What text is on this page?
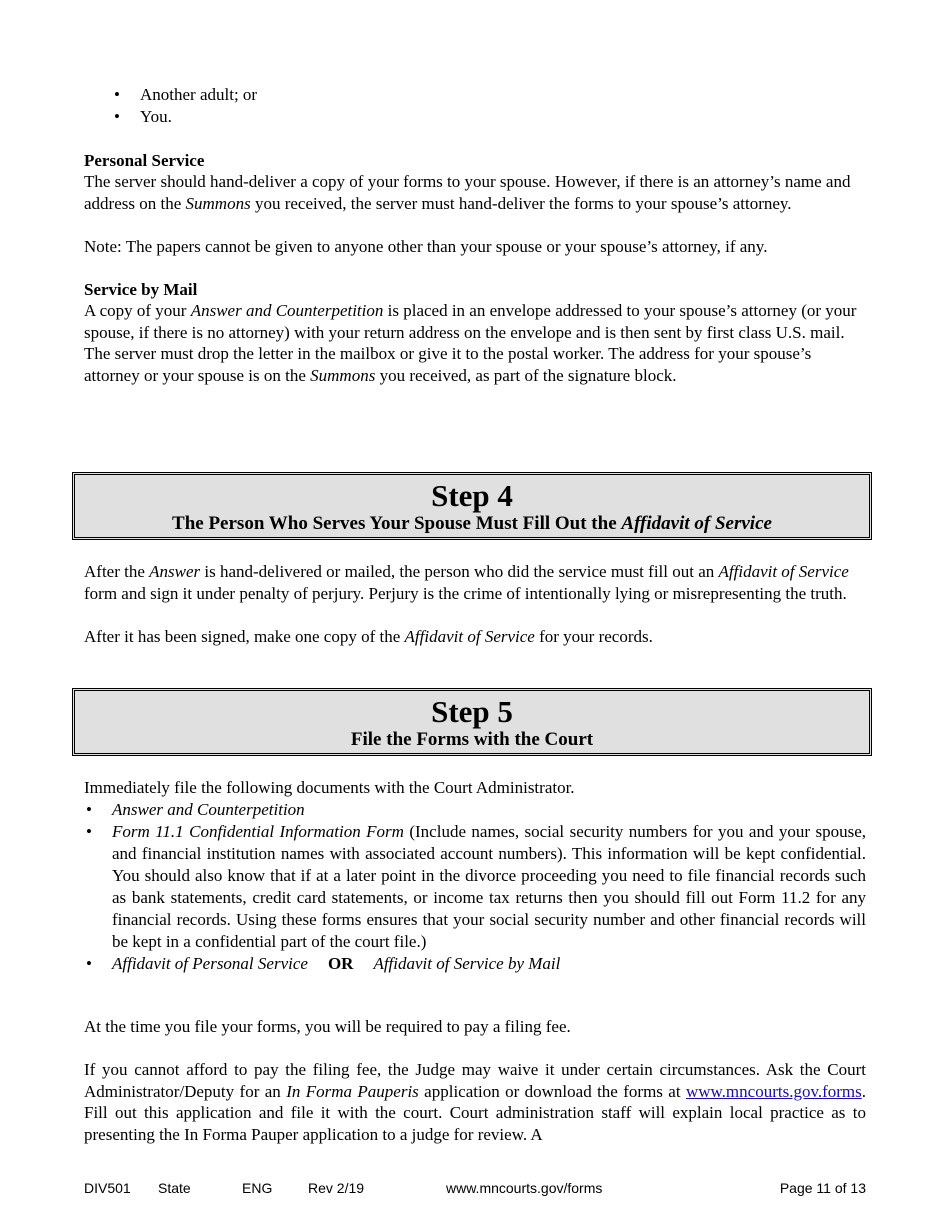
• Another adult; or
• You.

Personal Service

The server should hand-deliver a copy of your forms to your spouse. However, if there is an attorney’s name and address on the Summons you received, the server must hand-deliver the forms to your spouse’s attorney.

Note: The papers cannot be given to anyone other than your spouse or your spouse’s attorney, if any.

Service by Mail

A copy of your Answer and Counterpetition is placed in an envelope addressed to your spouse’s attorney (or your spouse, if there is no attorney) with your return address on the envelope and is then sent by first class U.S. mail. The server must drop the letter in the mailbox or give it to the postal worker. The address for your spouse’s attorney or your spouse is on the Summons you received, as part of the signature block.

Step 4
The Person Who Serves Your Spouse Must Fill Out the Affidavit of Service

After the Answer is hand-delivered or mailed, the person who did the service must fill out an Affidavit of Service form and sign it under penalty of perjury. Perjury is the crime of intentionally lying or misrepresenting the truth.

After it has been signed, make one copy of the Affidavit of Service for your records.

Step 5
File the Forms with the Court

Immediately file the following documents with the Court Administrator.

• Answer and Counterpetition
• Form 11.1 Confidential Information Form (Include names, social security numbers for you and your spouse, and financial institution names with associated account numbers). This information will be kept confidential. You should also know that if at a later point in the divorce proceeding you need to file financial records such as bank statements, credit card statements, or income tax returns then you should fill out Form 11.2 for any financial records. Using these forms ensures that your social security number and other financial records will be kept in a confidential part of the court file.)
• Affidavit of Personal Service OR Affidavit of Service by Mail

At the time you file your forms, you will be required to pay a filing fee.

If you cannot afford to pay the filing fee, the Judge may waive it under certain circumstances. Ask the Court Administrator/Deputy for an In Forma Pauperis application or download the forms at www.mncourts.gov.forms. Fill out this application and file it with the court. Court administration staff will explain local practice as to presenting the In Forma Pauper application to a judge for review. A

DIV501 State	ENG	Rev 2/19	www.mncourts.gov/forms	Page 11 of 13
